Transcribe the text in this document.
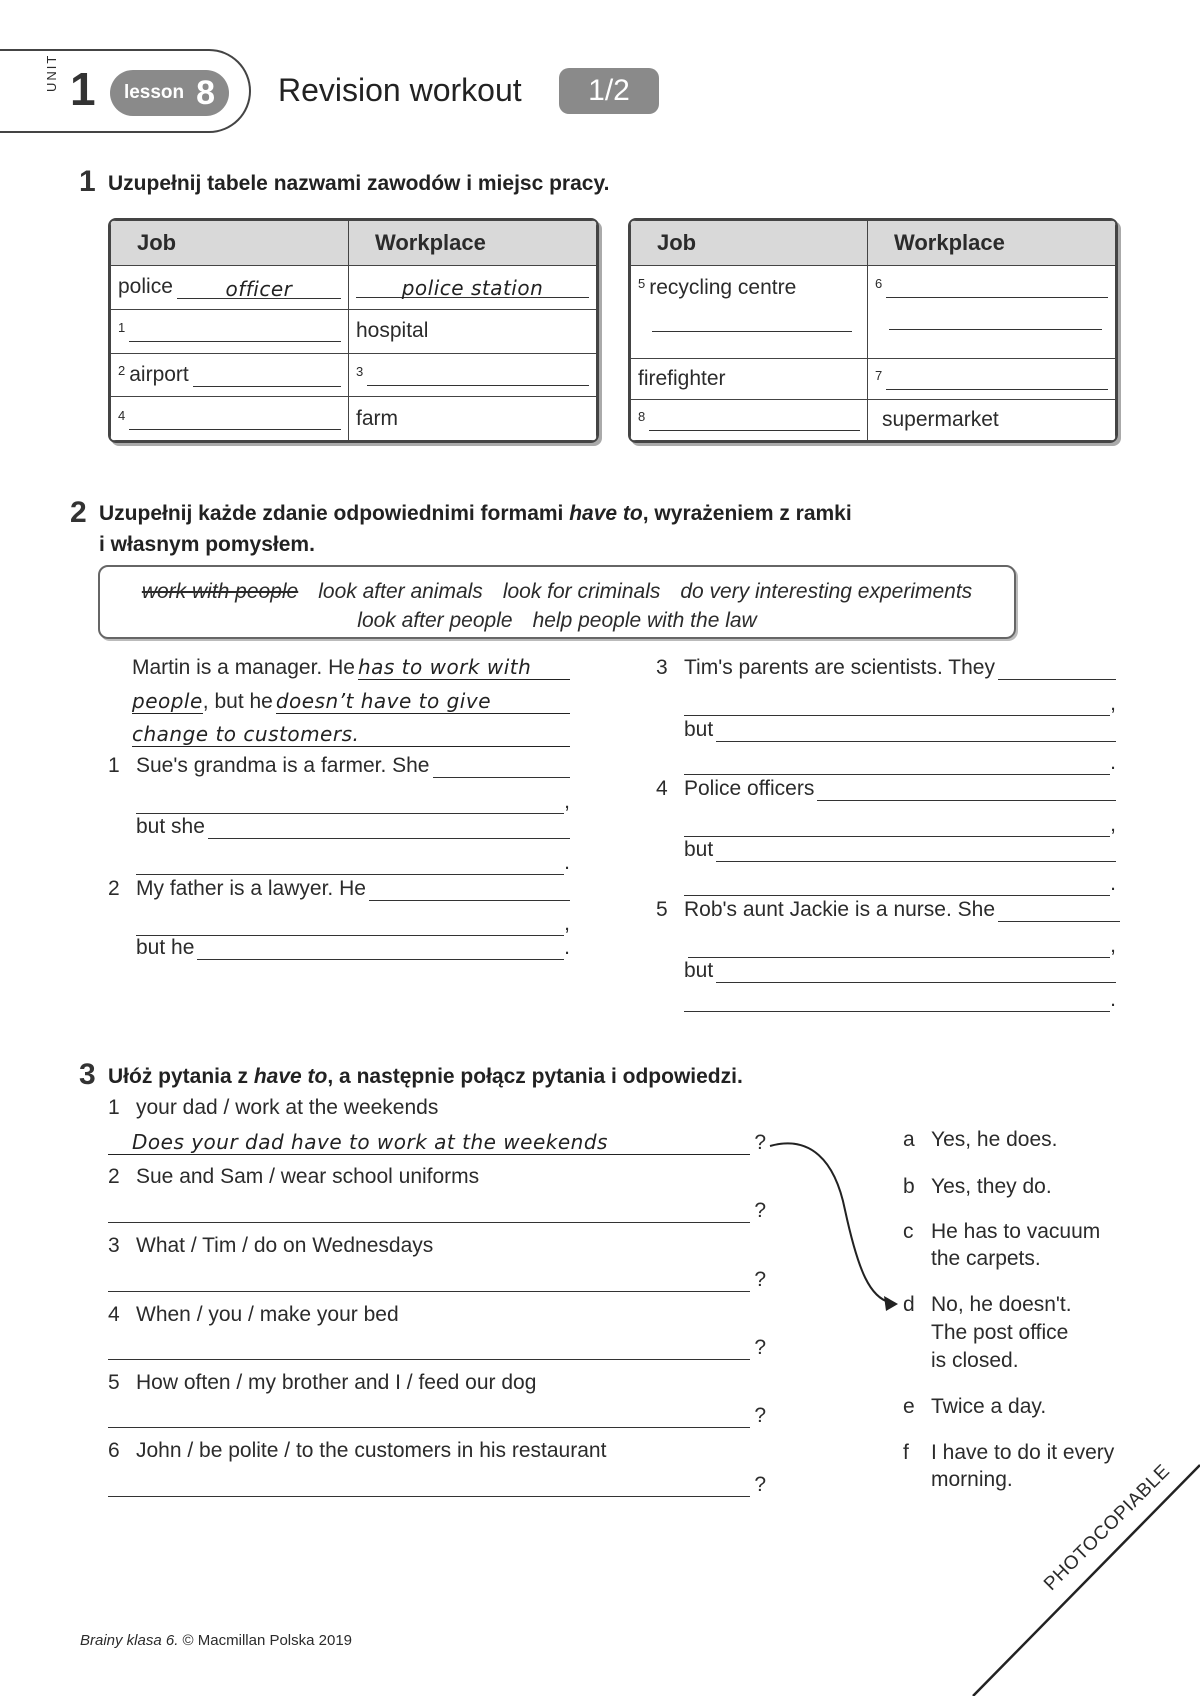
UNIT 1 lesson 8 Revision workout	1/2
1 Uzupełnij tabele nazwami zawodów i miejsc pracy.
Job	Workplace

police officer	police station

1	hospital

2 airport	3

4	farm
Job	Workplace

5 recycling centre	6

firefighter	7

8	supermarket
2 Uzupełnij każde zdanie odpowiednimi formami have to, wyrażeniem z ramki
i własnym pomysłem.
work with people look after animals look for criminals do very interesting experiments
look after people help people with the law
Martin is a manager. He has to work with
people , but he doesn’t have to give
change to customers.
1 Sue's grandma is a farmer. She
,
but she
.
2 My father is a lawyer. He
,
but he	.
3 Tim's parents are scientists. They
,
but
.
4 Police officers
,
but
.
5 Rob's aunt Jackie is a nurse. She
,
but
.
3 Ułóż pytania z have to, a następnie połącz pytania i odpowiedzi.
1 your dad / work at the weekends
Does your dad have to work at the weekends	?
2 Sue and Sam / wear school uniforms
?
3 What / Tim / do on Wednesdays
?
4 When / you / make your bed
?
5 How often / my brother and I / feed our dog
?
6 John / be polite / to the customers in his restaurant
?
a Yes, he does.
b Yes, they do.
c He has to vacuum
the carpets.
d No, he doesn't.
The post office
is closed.
e Twice a day.
f I have to do it every
morning.
Brainy klasa 6. © Macmillan Polska 2019
PHOTOCOPIABLE
